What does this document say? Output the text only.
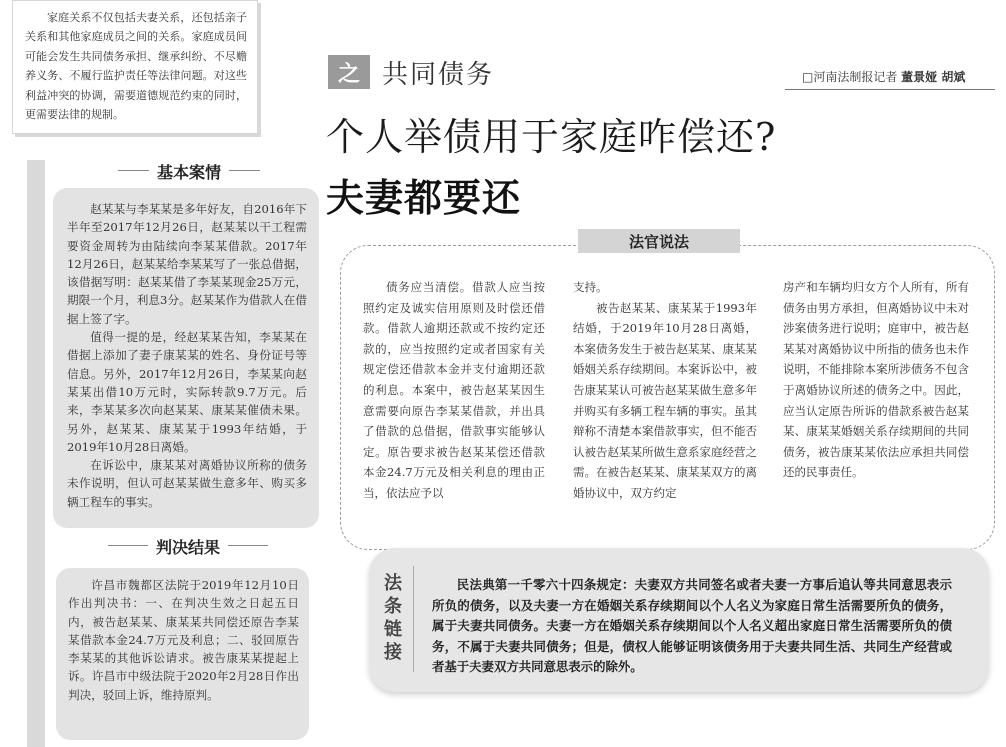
家庭关系不仅包括夫妻关系，还包括亲子关系和其他家庭成员之间的关系。家庭成员间可能会发生共同债务承担、继承纠纷、不尽赡养义务、不履行监护责任等法律问题。对这些利益冲突的协调，需要道德规范约束的同时，更需要法律的规制。
基本案情

赵某某与李某某是多年好友，自2016年下半年至2017年12月26日，赵某某以干工程需要资金周转为由陆续向李某某借款。2017年12月26日，赵某某给李某某写了一张总借据，该借据写明：赵某某借了李某某现金25万元，期限一个月，利息3分。赵某某作为借款人在借据上签了字。

值得一提的是，经赵某某告知，李某某在借据上添加了妻子康某某的姓名、身份证号等信息。另外，2017年12月26日，李某某向赵某某出借10万元时，实际转款9.7万元。后来，李某某多次向赵某某、康某某催债未果。另外，赵某某、康某某于1993年结婚，于2019年10月28日离婚。

在诉讼中，康某某对离婚协议所称的债务未作说明，但认可赵某某做生意多年、购买多辆工程车的事实。

判决结果

许昌市魏都区法院于2019年12月10日作出判决书：一、在判决生效之日起五日内，被告赵某某、康某某共同偿还原告李某某借款本金24.7万元及利息；二、驳回原告李某某的其他诉讼请求。被告康某某提起上诉。许昌市中级法院于2020年2月28日作出判决，驳回上诉，维持原判。

之 共同债务	□河南法制报记者 董景娅 胡斌
个人举债用于家庭咋偿还?
夫妻都要还
法官说法

债务应当清偿。借款人应当按照约定及诚实信用原则及时偿还借款。借款人逾期还款或不按约定还款的，应当按照约定或者国家有关规定偿还借款本金并支付逾期还款的利息。本案中，被告赵某某因生意需要向原告李某某借款，并出具了借款的总借据，借款事实能够认定。原告要求被告赵某某偿还借款本金24.7万元及相关利息的理由正当，依法应予以

支持。

被告赵某某、康某某于1993年结婚，于2019年10月28日离婚，本案债务发生于被告赵某某、康某某婚姻关系存续期间。本案诉讼中，被告康某某认可被告赵某某做生意多年并购买有多辆工程车辆的事实。虽其辩称不清楚本案借款事实，但不能否认被告赵某某所做生意系家庭经营之需。在被告赵某某、康某某双方的离婚协议中，双方约定

房产和车辆均归女方个人所有，所有债务由男方承担，但离婚协议中未对涉案债务进行说明；庭审中，被告赵某某对离婚协议中所指的债务也未作说明，不能排除本案所涉债务不包含于离婚协议所述的债务之中。因此，应当认定原告所诉的借款系被告赵某某、康某某婚姻关系存续期间的共同债务，被告康某某依法应承担共同偿还的民事责任。

法
条
链
接
民法典第一千零六十四条规定：夫妻双方共同签名或者夫妻一方事后追认等共同意思表示所负的债务，以及夫妻一方在婚姻关系存续期间以个人名义为家庭日常生活需要所负的债务，属于夫妻共同债务。夫妻一方在婚姻关系存续期间以个人名义超出家庭日常生活需要所负的债务，不属于夫妻共同债务；但是，债权人能够证明该债务用于夫妻共同生活、共同生产经营或者基于夫妻双方共同意思表示的除外。
